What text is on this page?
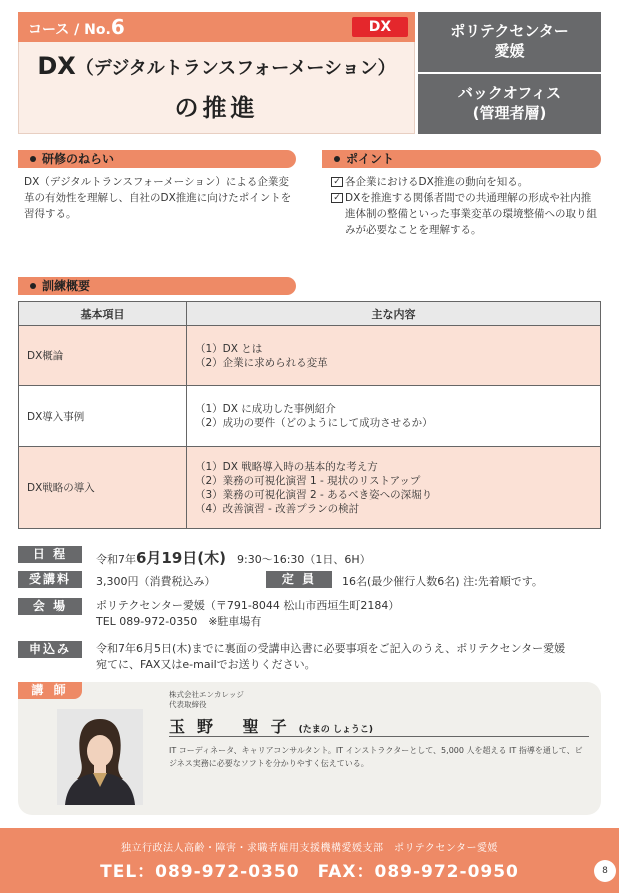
コース / No.6	DX
DX（デジタルトランスフォーメーション）
の推進
ポリテクセンター
愛媛
バックオフィス
(管理者層)
研修のねらい
DX（デジタルトランスフォーメーション）による企業変革の有効性を理解し、自社のDX推進に向けたポイントを習得する。
ポイント
✓ 各企業におけるDX推進の動向を知る。
✓ DXを推進する関係者間での共通理解の形成や社内推進体制の整備といった事業変革の環境整備への取り組みが必要なことを理解する。
訓練概要
基本項目	主な内容
DX概論	（1）DX とは
（2）企業に求められる変革

DX導入事例	（1）DX に成功した事例紹介
（2）成功の要件（どのようにして成功させるか）

DX戦略の導入	（1）DX 戦略導入時の基本的な考え方
（2）業務の可視化演習 1 - 現状のリストアップ
（3）業務の可視化演習 2 - あるべき姿への深堀り
（4）改善演習 - 改善プランの検討
日 程	令和7年6月19日(木)　 9:30～16:30（1日、6H）
受講料	3,300円（消費税込み）	定 員	16名(最少催行人数6名) 注:先着順です。
会 場	ポリテクセンター愛媛（〒791-8044 松山市西垣生町2184）
TEL 089-972-0350　※駐車場有
申込み	令和7年6月5日(木)までに裏面の受講申込書に必要事項をご記入のうえ、ポリテクセンター愛媛
宛てに、FAX又はe-mailでお送りください。
講 師	株式会社エンカレッジ
代表取締役
玉野 聖子(たまの しょうこ)
IT コーディネータ、キャリアコンサルタント。IT インストラクターとして、5,000 人を超える IT 指導を通して、ビジネス実務に必要なソフトを分かりやすく伝えている。
独立行政法人高齢・障害・求職者雇用支援機構愛媛支部　ポリテクセンター愛媛
TEL：089-972-0350　 FAX：089-972-0950	8
